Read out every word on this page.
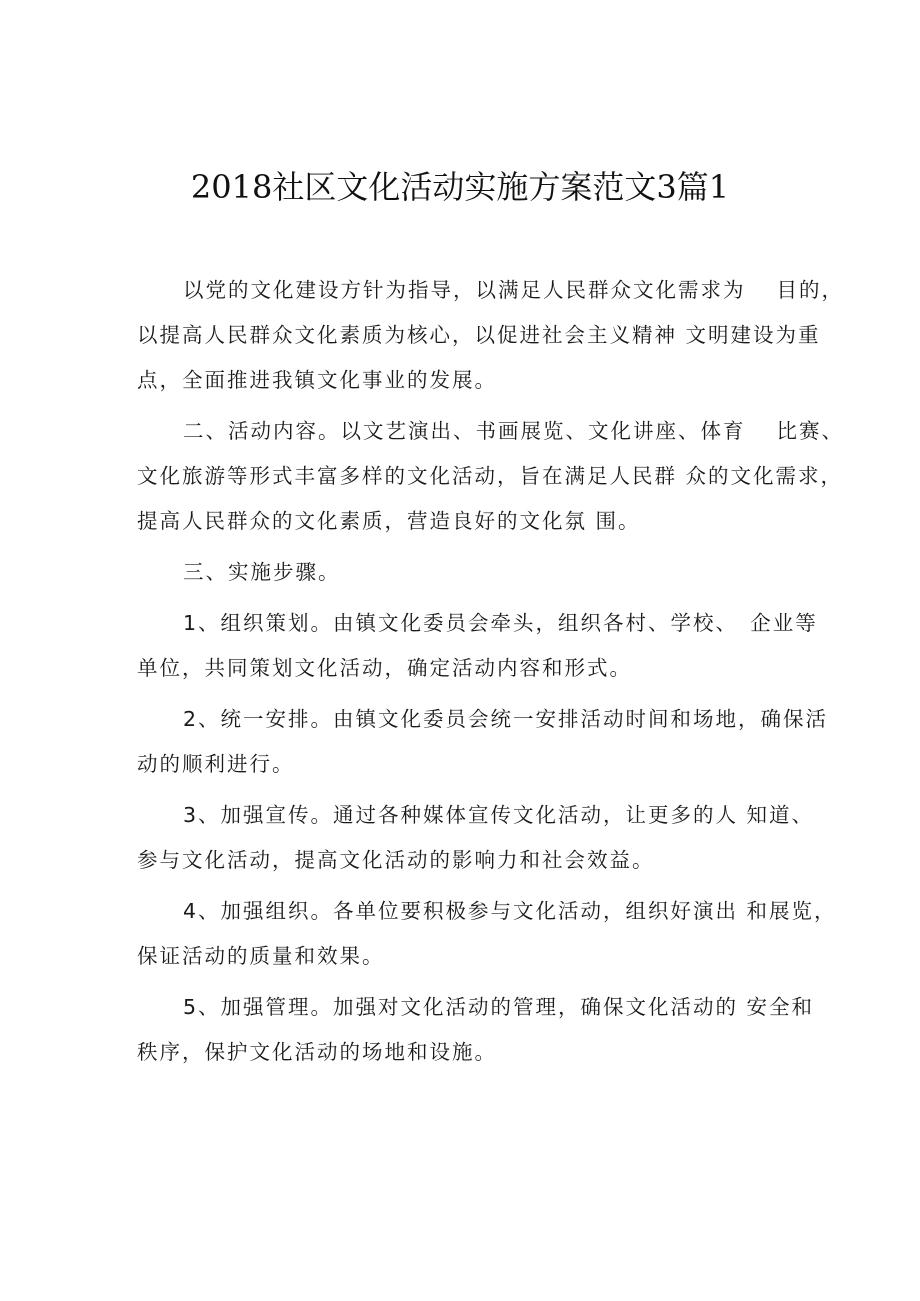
2018社区文化活动实施方案范文3篇1

以党的文化建设方针为指导，以满足人民群众文化需求为　 目的，
以提高人民群众文化素质为核心，以促进社会主义精神 文明建设为重
点，全面推进我镇文化事业的发展。

二、活动内容。以文艺演出、书画展览、文化讲座、体育　 比赛、
文化旅游等形式丰富多样的文化活动，旨在满足人民群 众的文化需求，
提高人民群众的文化素质，营造良好的文化氛 围。

三、实施步骤。

1、组织策划。由镇文化委员会牵头，组织各村、学校、　企业等
单位，共同策划文化活动，确定活动内容和形式。

2、统一安排。由镇文化委员会统一安排活动时间和场地，确保活
动的顺利进行。

3、加强宣传。通过各种媒体宣传文化活动，让更多的人 知道、
参与文化活动，提高文化活动的影响力和社会效益。

4、加强组织。各单位要积极参与文化活动，组织好演出 和展览，
保证活动的质量和效果。

5、加强管理。加强对文化活动的管理，确保文化活动的 安全和
秩序，保护文化活动的场地和设施。
